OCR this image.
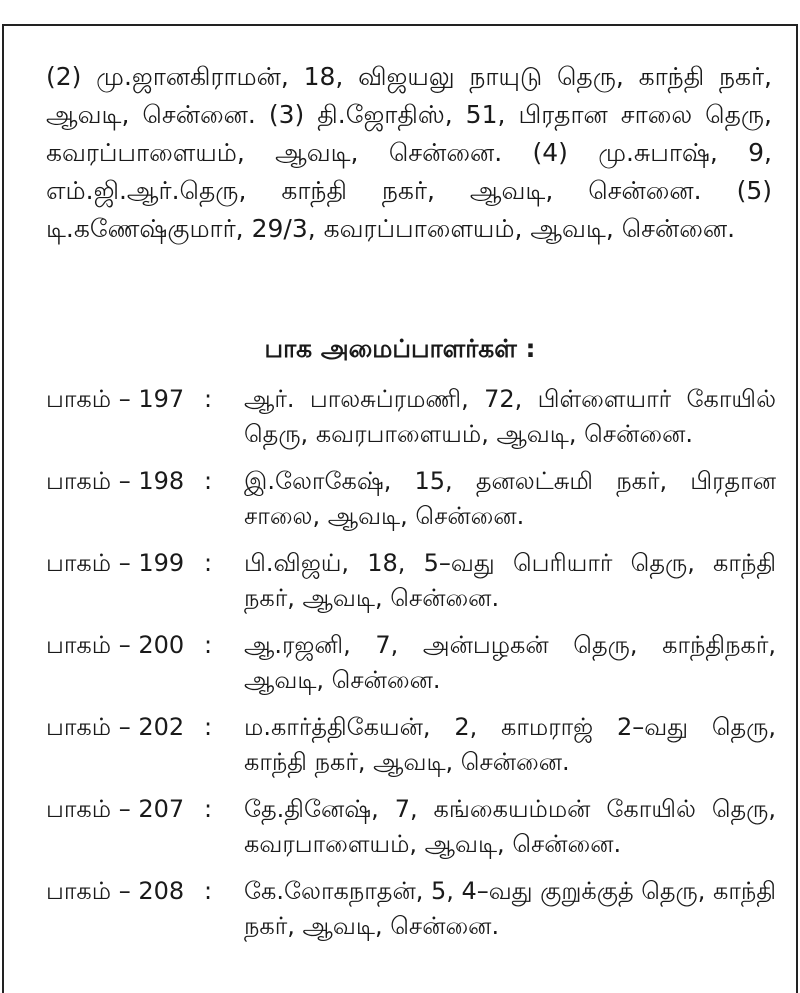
(2) மு.ஜானகிராமன், 18, விஜயலு நாயுடு தெரு, காந்தி நகர், ஆவடி, சென்னை. (3) தி.ஜோதிஸ், 51, பிரதான சாலை தெரு, கவரப்பாளையம், ஆவடி, சென்னை. (4) மு.சுபாஷ், 9, எம்.ஜி.ஆர்.தெரு, காந்தி நகர், ஆவடி, சென்னை. (5) டி.கணேஷ்குமார், 29/3, கவரப்பாளையம், ஆவடி, சென்னை.
பாக அமைப்பாளர்கள் :
பாகம் – 197 :	ஆர். பாலசுப்ரமணி, 72, பிள்ளையார் கோயில் தெரு, கவரபாளையம், ஆவடி, சென்னை.
பாகம் – 198 :	இ.லோகேஷ், 15, தனலட்சுமி நகர், பிரதான சாலை, ஆவடி, சென்னை.
பாகம் – 199 :	பி.விஜய், 18, 5–வது பெரியார் தெரு, காந்தி நகர், ஆவடி, சென்னை.
பாகம் – 200 :	ஆ.ரஜனி, 7, அன்பழகன் தெரு, காந்திநகர், ஆவடி, சென்னை.
பாகம் – 202 :	ம.கார்த்திகேயன், 2, காமராஜ் 2–வது தெரு, காந்தி நகர், ஆவடி, சென்னை.
பாகம் – 207 :	தே.தினேஷ், 7, கங்கையம்மன் கோயில் தெரு, கவரபாளையம், ஆவடி, சென்னை.
பாகம் – 208 :	கே.லோகநாதன், 5, 4–வது குறுக்குத் தெரு, காந்தி நகர், ஆவடி, சென்னை.
